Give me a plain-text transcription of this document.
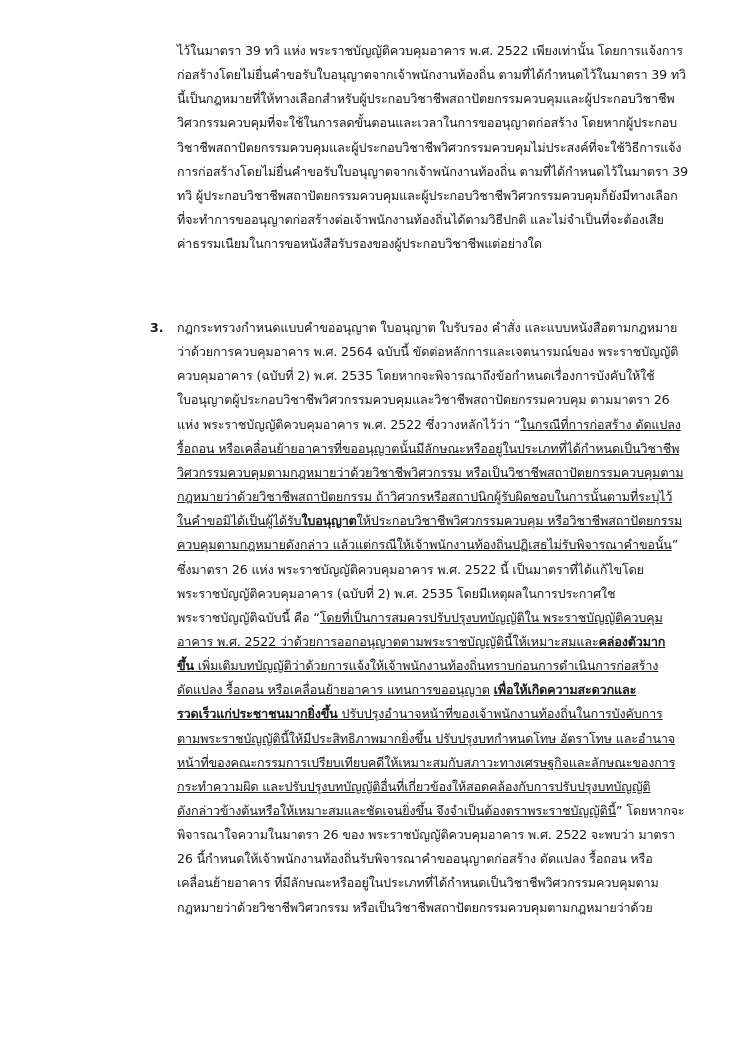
ไว้ในมาตรา 39 ทวิ แห่ง พระราชบัญญัติควบคุมอาคาร พ.ศ. 2522 เพียงเท่านั้น โดยการแจ้งการ
ก่อสร้างโดยไม่ยื่นคำขอรับใบอนุญาตจากเจ้าพนักงานท้องถิ่น ตามที่ได้กำหนดไว้ในมาตรา 39 ทวิ
นี้เป็นกฎหมายที่ให้ทางเลือกสำหรับผู้ประกอบวิชาชีพสถาปัตยกรรมควบคุมและผู้ประกอบวิชาชีพ
วิศวกรรมควบคุมที่จะใช้ในการลดขั้นตอนและเวลาในการขออนุญาตก่อสร้าง โดยหากผู้ประกอบ
วิชาชีพสถาปัตยกรรมควบคุมและผู้ประกอบวิชาชีพวิศวกรรมควบคุมไม่ประสงค์ที่จะใช้วิธีการแจ้ง
การก่อสร้างโดยไม่ยื่นคำขอรับใบอนุญาตจากเจ้าพนักงานท้องถิ่น ตามที่ได้กำหนดไว้ในมาตรา 39
ทวิ ผู้ประกอบวิชาชีพสถาปัตยกรรมควบคุมและผู้ประกอบวิชาชีพวิศวกรรมควบคุมก็ยังมีทางเลือก
ที่จะทำการขออนุญาตก่อสร้างต่อเจ้าพนักงานท้องถิ่นได้ตามวิธีปกติ และไม่จำเป็นที่จะต้องเสีย
ค่าธรรมเนียมในการขอหนังสือรับรองของผู้ประกอบวิชาชีพแต่อย่างใด
3. กฎกระทรวงกำหนดแบบคำขออนุญาต ใบอนุญาต ใบรับรอง คำสั่ง และแบบหนังสือตามกฎหมาย
ว่าด้วยการควบคุมอาคาร พ.ศ. 2564 ฉบับนี้ ขัดต่อหลักการและเจตนารมณ์ของ พระราชบัญญัติ
ควบคุมอาคาร (ฉบับที่ 2) พ.ศ. 2535 โดยหากจะพิจารณาถึงข้อกำหนดเรื่องการบังคับให้ใช้
ใบอนุญาตผู้ประกอบวิชาชีพวิศวกรรมควบคุมและวิชาชีพสถาปัตยกรรมควบคุม ตามมาตรา 26
แห่ง พระราชบัญญัติควบคุมอาคาร พ.ศ. 2522 ซึ่งวางหลักไว้ว่า “ในกรณีที่การก่อสร้าง ดัดแปลง
รื้อถอน หรือเคลื่อนย้ายอาคารที่ขออนุญาตนั้นมีลักษณะหรืออยู่ในประเภทที่ได้กำหนดเป็นวิชาชีพ
วิศวกรรมควบคุมตามกฎหมายว่าด้วยวิชาชีพวิศวกรรม หรือเป็นวิชาชีพสถาปัตยกรรมควบคุมตาม
กฎหมายว่าด้วยวิชาชีพสถาปัตยกรรม ถ้าวิศวกรหรือสถาปนิกผู้รับผิดชอบในการนั้นตามที่ระบุไว้
ในคำขอมิได้เป็นผู้ได้รับใบอนุญาตให้ประกอบวิชาชีพวิศวกรรมควบคุม หรือวิชาชีพสถาปัตยกรรม
ควบคุมตามกฎหมายดังกล่าว แล้วแต่กรณีให้เจ้าพนักงานท้องถิ่นปฏิเสธไม่รับพิจารณาคำขอนั้น”
ซึ่งมาตรา 26 แห่ง พระราชบัญญัติควบคุมอาคาร พ.ศ. 2522 นี้ เป็นมาตราที่ได้แก้ไขโดย
พระราชบัญญัติควบคุมอาคาร (ฉบับที่ 2) พ.ศ. 2535 โดยมีเหตุผลในการประกาศใช
พระราชบัญญัติฉบับนี้ คือ “โดยที่เป็นการสมควรปรับปรุงบทบัญญัติใน พระราชบัญญัติควบคุม
อาคาร พ.ศ. 2522 ว่าด้วยการออกอนุญาตตามพระราชบัญญัตินี้ให้เหมาะสมและคล่องตัวมาก
ขึ้น เพิ่มเติมบทบัญญัติว่าด้วยการแจ้งให้เจ้าพนักงานท้องถิ่นทราบก่อนการดำเนินการก่อสร้าง
ดัดแปลง รื้อถอน หรือเคลื่อนย้ายอาคาร แทนการขออนุญาต เพื่อให้เกิดความสะดวกและ
รวดเร็วแก่ประชาชนมากยิ่งขึ้น ปรับปรุงอำนาจหน้าที่ของเจ้าพนักงานท้องถิ่นในการบังคับการ
ตามพระราชบัญญัตินี้ให้มีประสิทธิภาพมากยิ่งขึ้น ปรับปรุงบทกำหนดโทษ อัตราโทษ และอำนาจ
หน้าที่ของคณะกรรมการเปรียบเทียบคดีให้เหมาะสมกับสภาวะทางเศรษฐกิจและลักษณะของการ
กระทำความผิด และปรับปรุงบทบัญญัติอื่นที่เกี่ยวข้องให้สอดคล้องกับการปรับปรุงบทบัญญัติ
ดังกล่าวข้างต้นหรือให้เหมาะสมและชัดเจนยิ่งขึ้น จึงจำเป็นต้องตราพระราชบัญญัตินี้” โดยหากจะ
พิจารณาใจความในมาตรา 26 ของ พระราชบัญญัติควบคุมอาคาร พ.ศ. 2522 จะพบว่า มาตรา
26 นี้กำหนดให้เจ้าพนักงานท้องถิ่นรับพิจารณาคำขออนุญาตก่อสร้าง ดัดแปลง รื้อถอน หรือ
เคลื่อนย้ายอาคาร ที่มีลักษณะหรืออยู่ในประเภทที่ได้กำหนดเป็นวิชาชีพวิศวกรรมควบคุมตาม
กฎหมายว่าด้วยวิชาชีพวิศวกรรม หรือเป็นวิชาชีพสถาปัตยกรรมควบคุมตามกฎหมายว่าด้วย
